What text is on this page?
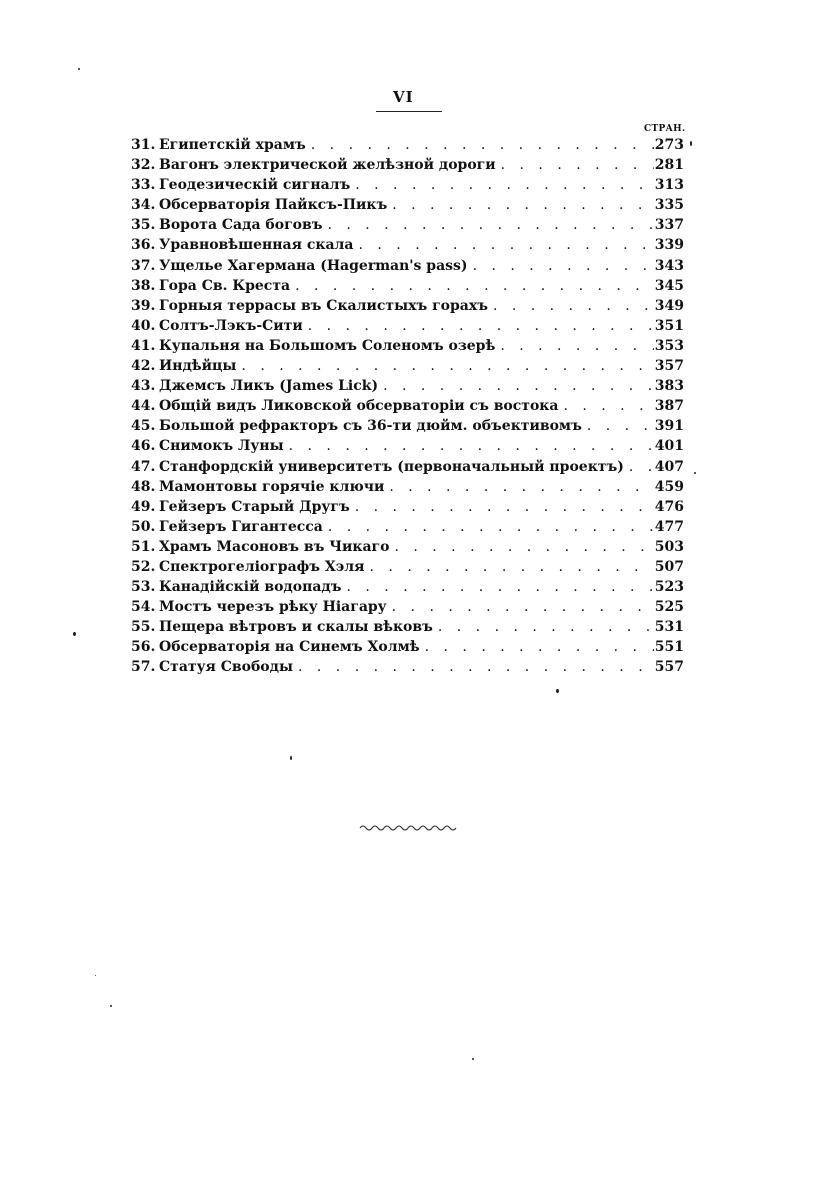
VI
СТРАН.
31. Египетскій храмъ . . .	273
32. Вагонъ электрической желѣзной дороги . . .	281
33. Геодезическій сигналъ . . .	313
34. Обсерваторія Пайксъ-Пикъ . . .	335
35. Ворота Сада боговъ . . .	337
36. Уравновѣшенная скала . . .	339
37. Ущелье Хагермана (Hagerman's pass) . . .	343
38. Гора Св. Креста . . .	345
39. Горныя террасы въ Скалистыхъ горахъ . . .	349
40. Солтъ-Лэкъ-Сити . . .	351
41. Купальня на Большомъ Соленомъ озерѣ . . .	353
42. Индѣйцы . . .	357
43. Джемсъ Ликъ (James Lick) . . .	383
44. Общій видъ Ликовской обсерваторіи съ востока . . .	387
45. Большой рефракторъ съ 36-ти дюйм. объективомъ . . .	391
46. Снимокъ Луны . . .	401
47. Станфордскій университетъ (первоначальный проектъ) . . . 407
48. Мамонтовы горячіе ключи . . .	459
49. Гейзеръ Старый Другъ . . .	476
50. Гейзеръ Гигантесса . . .	477
51. Храмъ Масоновъ въ Чикаго . . .	503
52. Спектрогеліографъ Хэля . . .	507
53. Канадійскій водопадъ . . .	523
54. Мостъ черезъ рѣку Ніагару . . .	525
55. Пещера вѣтровъ и скалы вѣковъ . . .	531
56. Обсерваторія на Синемъ Холмѣ . . .	551
57. Статуя Свободы . . .	557
